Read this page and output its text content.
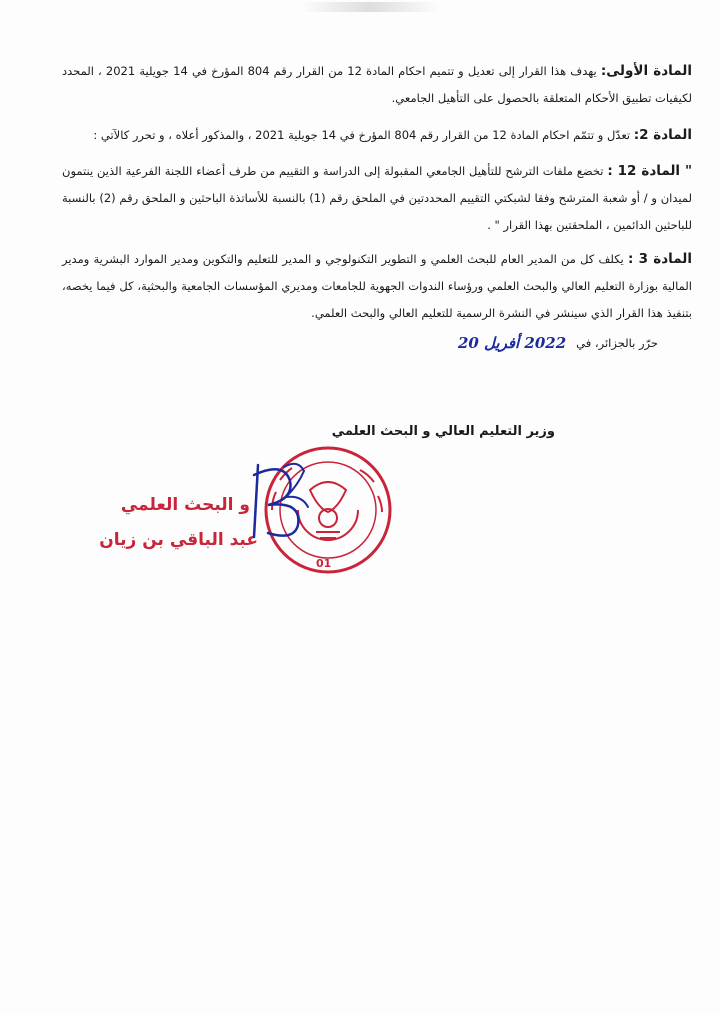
المادة الأولى: يهدف هذا القرار إلى تعديل و تتميم احكام المادة 12 من القرار رقم 804 المؤرخ في 14 جويلية 2021 ، المحدد لكيفيات تطبيق الأحكام المتعلقة بالحصول على التأهيل الجامعي.

المادة 2: تعدّل و تتمّم احكام المادة 12 من القرار رقم 804 المؤرخ في 14 جويلية 2021 ، والمذكور أعلاه ، و تحرر كالآتي :

" المادة 12 : تخضع ملفات الترشح للتأهيل الجامعي المقبولة إلى الدراسة و التقييم من طرف أعضاء اللجنة الفرعية الذين ينتمون لميدان و / أو شعبة المترشح وفقا لشبكتي التقييم المحددتين في الملحق رقم (1) بالنسبة للأساتذة الباحثين و الملحق رقم (2) بالنسبة للباحثين الدائمين ، الملحقتين بهذا القرار " .

المادة 3 : يكلف كل من المدير العام للبحث العلمي و التطوير التكنولوجي و المدير للتعليم والتكوين ومدير الموارد البشرية ومدير المالية بوزارة التعليم العالي والبحث العلمي ورؤساء الندوات الجهوية للجامعات ومديري المؤسسات الجامعية والبحثية، كل فيما يخصه، بتنفيذ هذا القرار الذي سينشر في النشرة الرسمية للتعليم العالي والبحث العلمي.

حرّر بالجزائر، في
2022 أفريل 20
وزير التعليم العالي و البحث العلمي
01
و البحث العلمي
عبد الباقي بن زيان
